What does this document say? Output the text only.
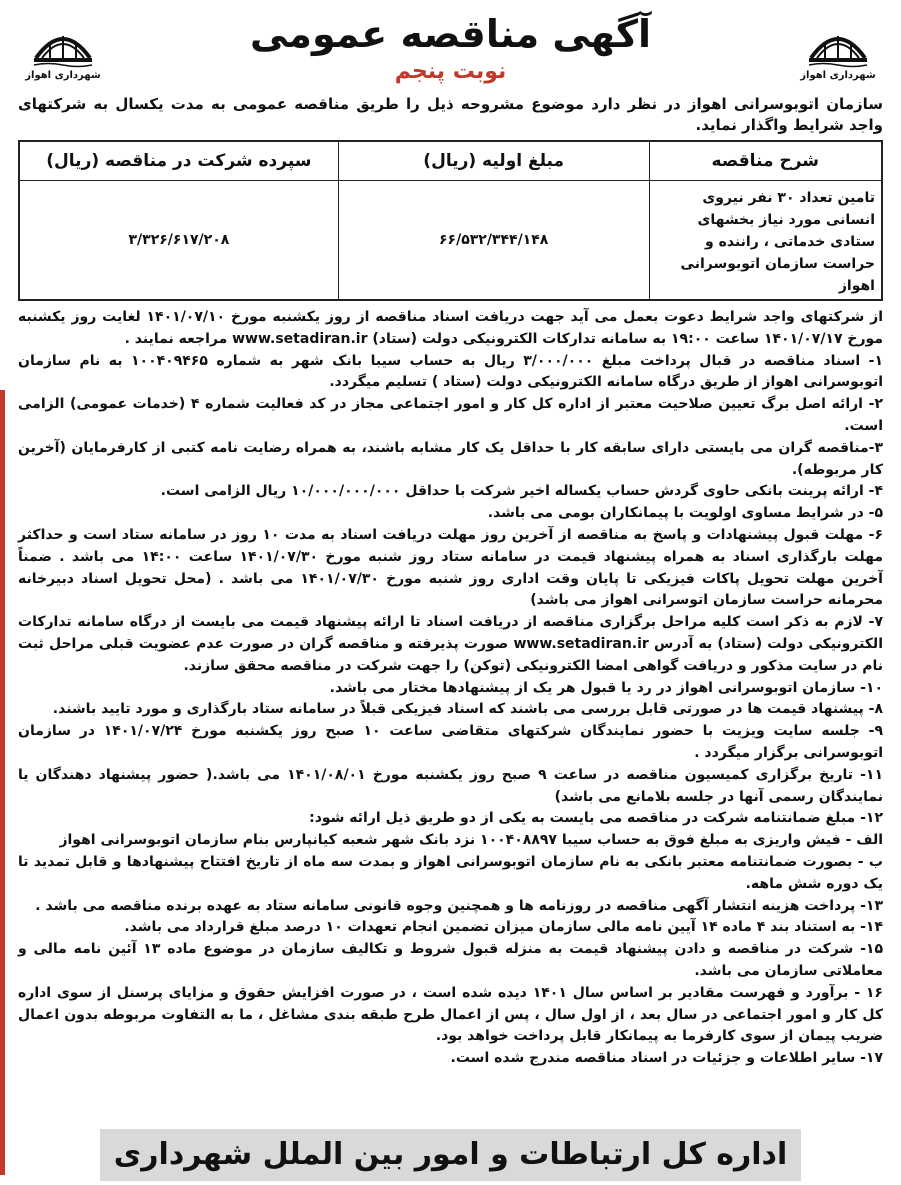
شهرداری اهواز
شهرداری اهواز
آگهی مناقصه عمومی
نوبت پنجم
سازمان اتوبوسرانی اهواز در نظر دارد موضوع مشروحه ذیل را طریق مناقصه عمومی به مدت یکسال به شرکتهای واجد شرایط واگذار نماید.
شرح مناقصه	مبلغ اولیه (ریال)	سپرده شرکت در مناقصه (ریال)
تامین تعداد ۳۰ نفر نیروی انسانی مورد نیاز بخشهای ستادی خدماتی ، راننده و حراست سازمان اتوبوسرانی اهواز	۶۶/۵۳۲/۳۴۴/۱۴۸	۳/۳۲۶/۶۱۷/۲۰۸

از شرکتهای واجد شرایط دعوت بعمل می آید جهت دریافت اسناد مناقصه از روز یکشنبه مورخ ۱۴۰۱/۰۷/۱۰ لغایت روز یکشنبه مورخ ۱۴۰۱/۰۷/۱۷ ساعت ۱۹:۰۰ به سامانه تدارکات الکترونیکی دولت (ستاد) www.setadiran.ir مراجعه نمایند .

۱- اسناد مناقصه در قبال پرداخت مبلغ ۳/۰۰۰/۰۰۰ ریال به حساب سیبا بانک شهر به شماره ۱۰۰۴۰۹۴۶۵ به نام سازمان اتوبوسرانی اهواز از طریق درگاه سامانه الکترونیکی دولت (ستاد ) تسلیم میگردد.

۲- ارائه اصل برگ تعیین صلاحیت معتبر از اداره کل کار و امور اجتماعی مجاز در کد فعالیت شماره ۴ (خدمات عمومی) الزامی است.

۳-مناقصه گران می بایستی دارای سابقه کار با حداقل یک کار مشابه باشند، به همراه رضایت نامه کتبی از کارفرمایان (آخرین کار مربوطه).

۴- ارائه پرینت بانکی حاوی گردش حساب یکساله اخیر شرکت با حداقل ۱۰/۰۰۰/۰۰۰/۰۰۰ ریال الزامی است.

۵- در شرایط مساوی اولویت با پیمانکاران بومی می باشد.

۶- مهلت قبول پیشنهادات و پاسخ به مناقصه از آخرین روز مهلت دریافت اسناد به مدت ۱۰ روز در سامانه ستاد است و حداکثر مهلت بارگذاری اسناد به همراه پیشنهاد قیمت در سامانه ستاد روز شنبه مورخ ۱۴۰۱/۰۷/۳۰ ساعت ۱۴:۰۰ می باشد . ضمناً آخرین مهلت تحویل پاکات فیزیکی تا پایان وقت اداری روز شنبه مورخ ۱۴۰۱/۰۷/۳۰ می باشد . (محل تحویل اسناد دبیرخانه محرمانه حراست سازمان اتوسرانی اهواز می باشد)

۷- لازم به ذکر است کلیه مراحل برگزاری مناقصه از دریافت اسناد تا ارائه پیشنهاد قیمت می بایست از درگاه سامانه تدارکات الکترونیکی دولت (ستاد) به آدرس www.setadiran.ir صورت پذیرفته و مناقصه گران در صورت عدم عضویت قبلی مراحل ثبت نام در سایت مذکور و دریافت گواهی امضا الکترونیکی (توکن) را جهت شرکت در مناقصه محقق سازند.

۱۰- سازمان اتوبوسرانی اهواز در رد یا قبول هر یک از پیشنهادها مختار می باشد.

۸- پیشنهاد قیمت ها در صورتی قابل بررسی می باشند که اسناد فیزیکی قبلاً در سامانه ستاد بارگذاری و مورد تایید باشند.

۹- جلسه سایت ویزیت با حضور نمایندگان شرکتهای متقاضی ساعت ۱۰ صبح روز یکشنبه مورخ ۱۴۰۱/۰۷/۲۴ در سازمان اتوبوسرانی برگزار میگردد .

۱۱- تاریخ برگزاری کمیسیون مناقصه در ساعت ۹ صبح روز یکشنبه مورخ ۱۴۰۱/۰۸/۰۱ می باشد.( حضور پیشنهاد دهندگان یا نمایندگان رسمی آنها در جلسه بلامانع می باشد)

۱۲- مبلغ ضمانتنامه شرکت در مناقصه می بایست به یکی از دو طریق ذیل ارائه شود:

الف - فیش واریزی به مبلغ فوق به حساب سیبا ۱۰۰۴۰۸۸۹۷ نزد بانک شهر شعبه کیانپارس بنام سازمان اتوبوسرانی اهواز

ب - بصورت ضمانتنامه معتبر بانکی به نام سازمان اتوبوسرانی اهواز و بمدت سه ماه از تاریخ افتتاح پیشنهادها و قابل تمدید تا یک دوره شش ماهه.

۱۳- پرداخت هزینه انتشار آگهی مناقصه در روزنامه ها و همچنین وجوه قانونی سامانه ستاد به عهده برنده مناقصه می باشد .

۱۴- به استناد بند ۴ ماده ۱۴ آیین نامه مالی سازمان میزان تضمین انجام تعهدات ۱۰ درصد مبلغ قرارداد می باشد.

۱۵- شرکت در مناقصه و دادن پیشنهاد قیمت به منزله قبول شروط و تکالیف سازمان در موضوع ماده ۱۳ آئین نامه مالی و معاملاتی سازمان می باشد.

۱۶ - برآورد و فهرست مقادیر بر اساس سال ۱۴۰۱ دیده شده است ، در صورت افزایش حقوق و مزایای پرسنل از سوی اداره کل کار و امور اجتماعی در سال بعد ، از اول سال ، پس از اعمال طرح طبقه بندی مشاغل ، ما به التفاوت مربوطه بدون اعمال ضریب پیمان از سوی کارفرما به پیمانکار قابل پرداخت خواهد بود.

۱۷- سایر اطلاعات و جزئیات در اسناد مناقصه مندرج شده است.

اداره کل ارتباطات و امور بین الملل شهرداری
